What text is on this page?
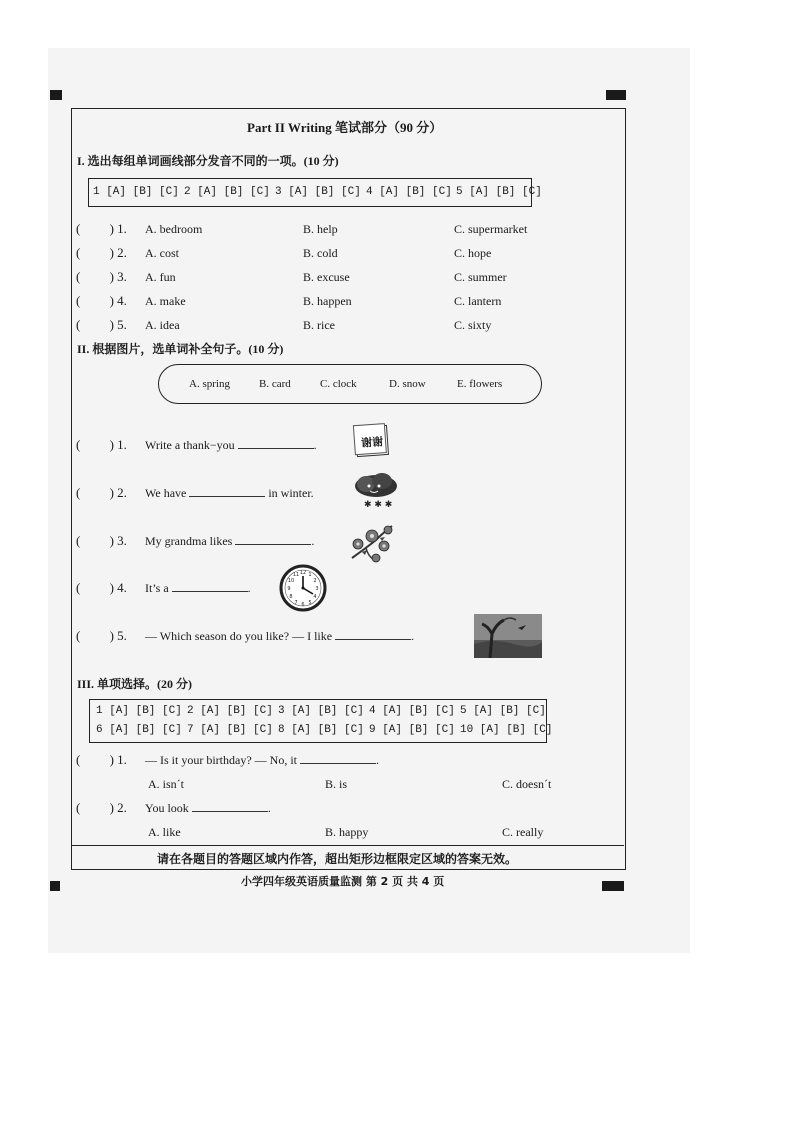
Part II Writing 笔试部分（90 分）
I. 选出每组单词画线部分发音不同的一项。(10 分)
1 [A] [B] [C] 2 [A] [B] [C] 3 [A] [B] [C] 4 [A] [B] [C] 5 [A] [B] [C]
(         ) 1. A. bedroom	B. help	C. supermarket
(         ) 2. A. cost	B. cold	C. hope
(         ) 3. A. fun	B. excuse	C. summer
(         ) 4. A. make	B. happen	C. lantern
(         ) 5. A. idea	B. rice	C. sixty
II. 根据图片，选单词补全句子。(10 分)
A. spring	B. card	C. clock	D. snow	E. flowers
(         ) 1. Write a thank−you	.	谢谢
(         ) 2. We have	in winter.
✱ ✱ ✱
(         ) 3. My grandma likes	.
(         ) 4. It’s a	.
12
3
6
9
1
2
4
5
7
8
10
11
(         ) 5. — Which season do you like? — I like	.
III. 单项选择。(20 分)
1 [A] [B] [C] 2 [A] [B] [C] 3 [A] [B] [C] 4 [A] [B] [C] 5 [A] [B] [C]
6 [A] [B] [C] 7 [A] [B] [C] 8 [A] [B] [C] 9 [A] [B] [C] 10 [A] [B] [C]
(         ) 1. — Is it your birthday? — No, it	.
A. isn´t	B. is	C. doesn´t
(         ) 2. You look	.
A. like	B. happy	C. really
请在各题目的答题区域内作答，超出矩形边框限定区域的答案无效。
小学四年级英语质量监测 第 2 页 共 4 页
